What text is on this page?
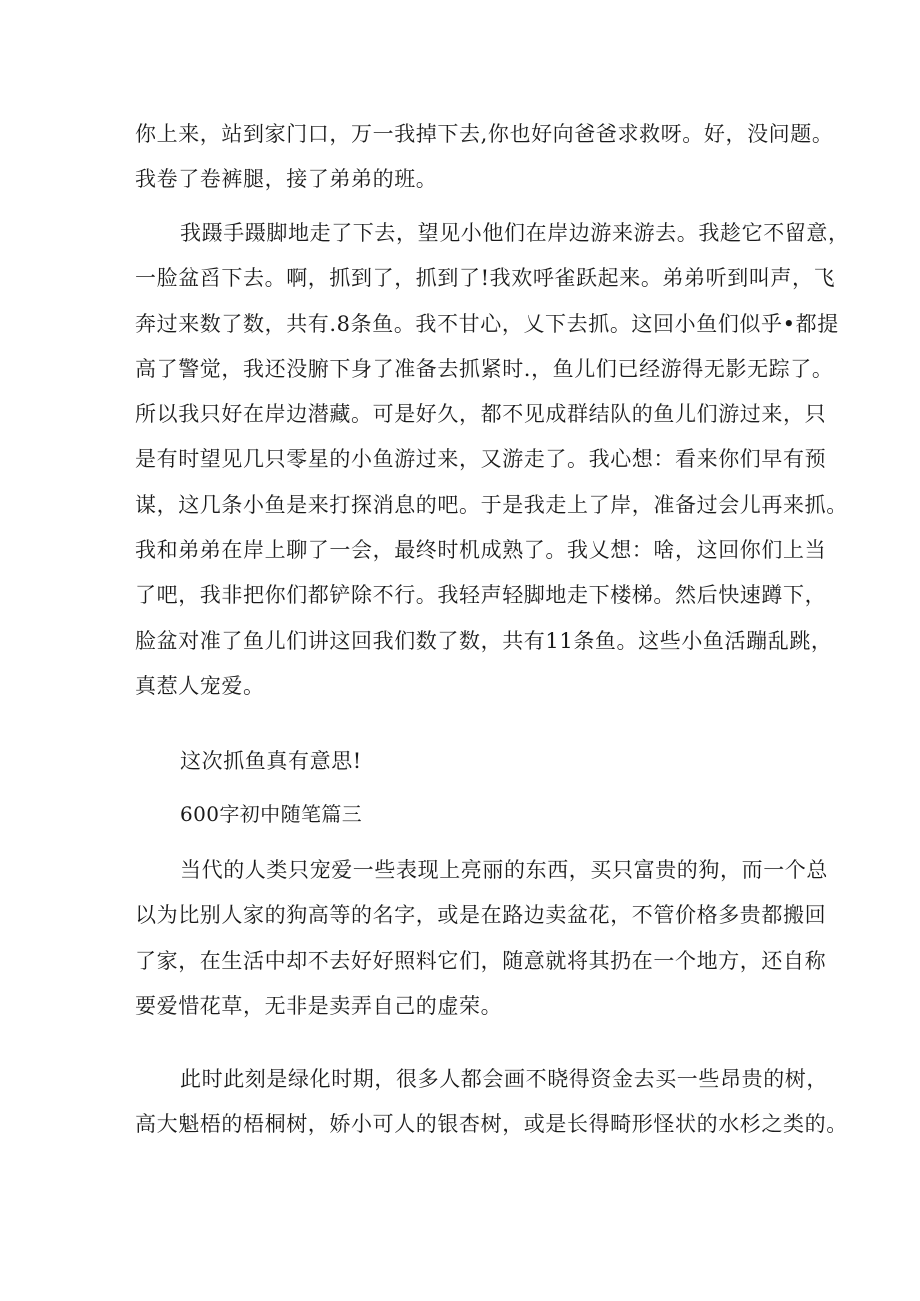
你上来，站到家门口，万一我掉下去,你也好向爸爸求救呀。好，没问题。
我卷了卷裤腿，接了弟弟的班。

我蹑手蹑脚地走了下去，望见小他们在岸边游来游去。我趁它不留意，
一脸盆舀下去。啊，抓到了，抓到了!我欢呼雀跃起来。弟弟听到叫声，飞
奔过来数了数，共有.8条鱼。我不甘心，乂下去抓。这回小鱼们似乎•都提
高了警觉，我还没腑下身了准备去抓紧时.，鱼儿们已经游得无影无踪了。
所以我只好在岸边潜藏。可是好久，都不见成群结队的鱼儿们游过来，只
是有时望见几只零星的小鱼游过来，又游走了。我心想：看来你们早有预
谋，这几条小鱼是来打探消息的吧。于是我走上了岸，准备过会儿再来抓。
我和弟弟在岸上聊了一会，最终时机成熟了。我乂想：啥，这回你们上当
了吧，我非把你们都铲除不行。我轻声轻脚地走下楼梯。然后快速蹲下，
脸盆对准了鱼儿们讲这回我们数了数，共有11条鱼。这些小鱼活蹦乱跳，
真惹人宠爱。

这次抓鱼真有意思!

600字初中随笔篇三

当代的人类只宠爱一些表现上亮丽的东西，买只富贵的狗，而一个总
以为比别人家的狗高等的名字，或是在路边卖盆花，不管价格多贵都搬回
了家，在生活中却不去好好照料它们，随意就将其扔在一个地方，还自称
要爱惜花草，无非是卖弄自己的虚荣。

此时此刻是绿化时期，很多人都会画不晓得资金去买一些昂贵的树，
高大魁梧的梧桐树，娇小可人的银杏树，或是长得畸形怪状的水杉之类的。
